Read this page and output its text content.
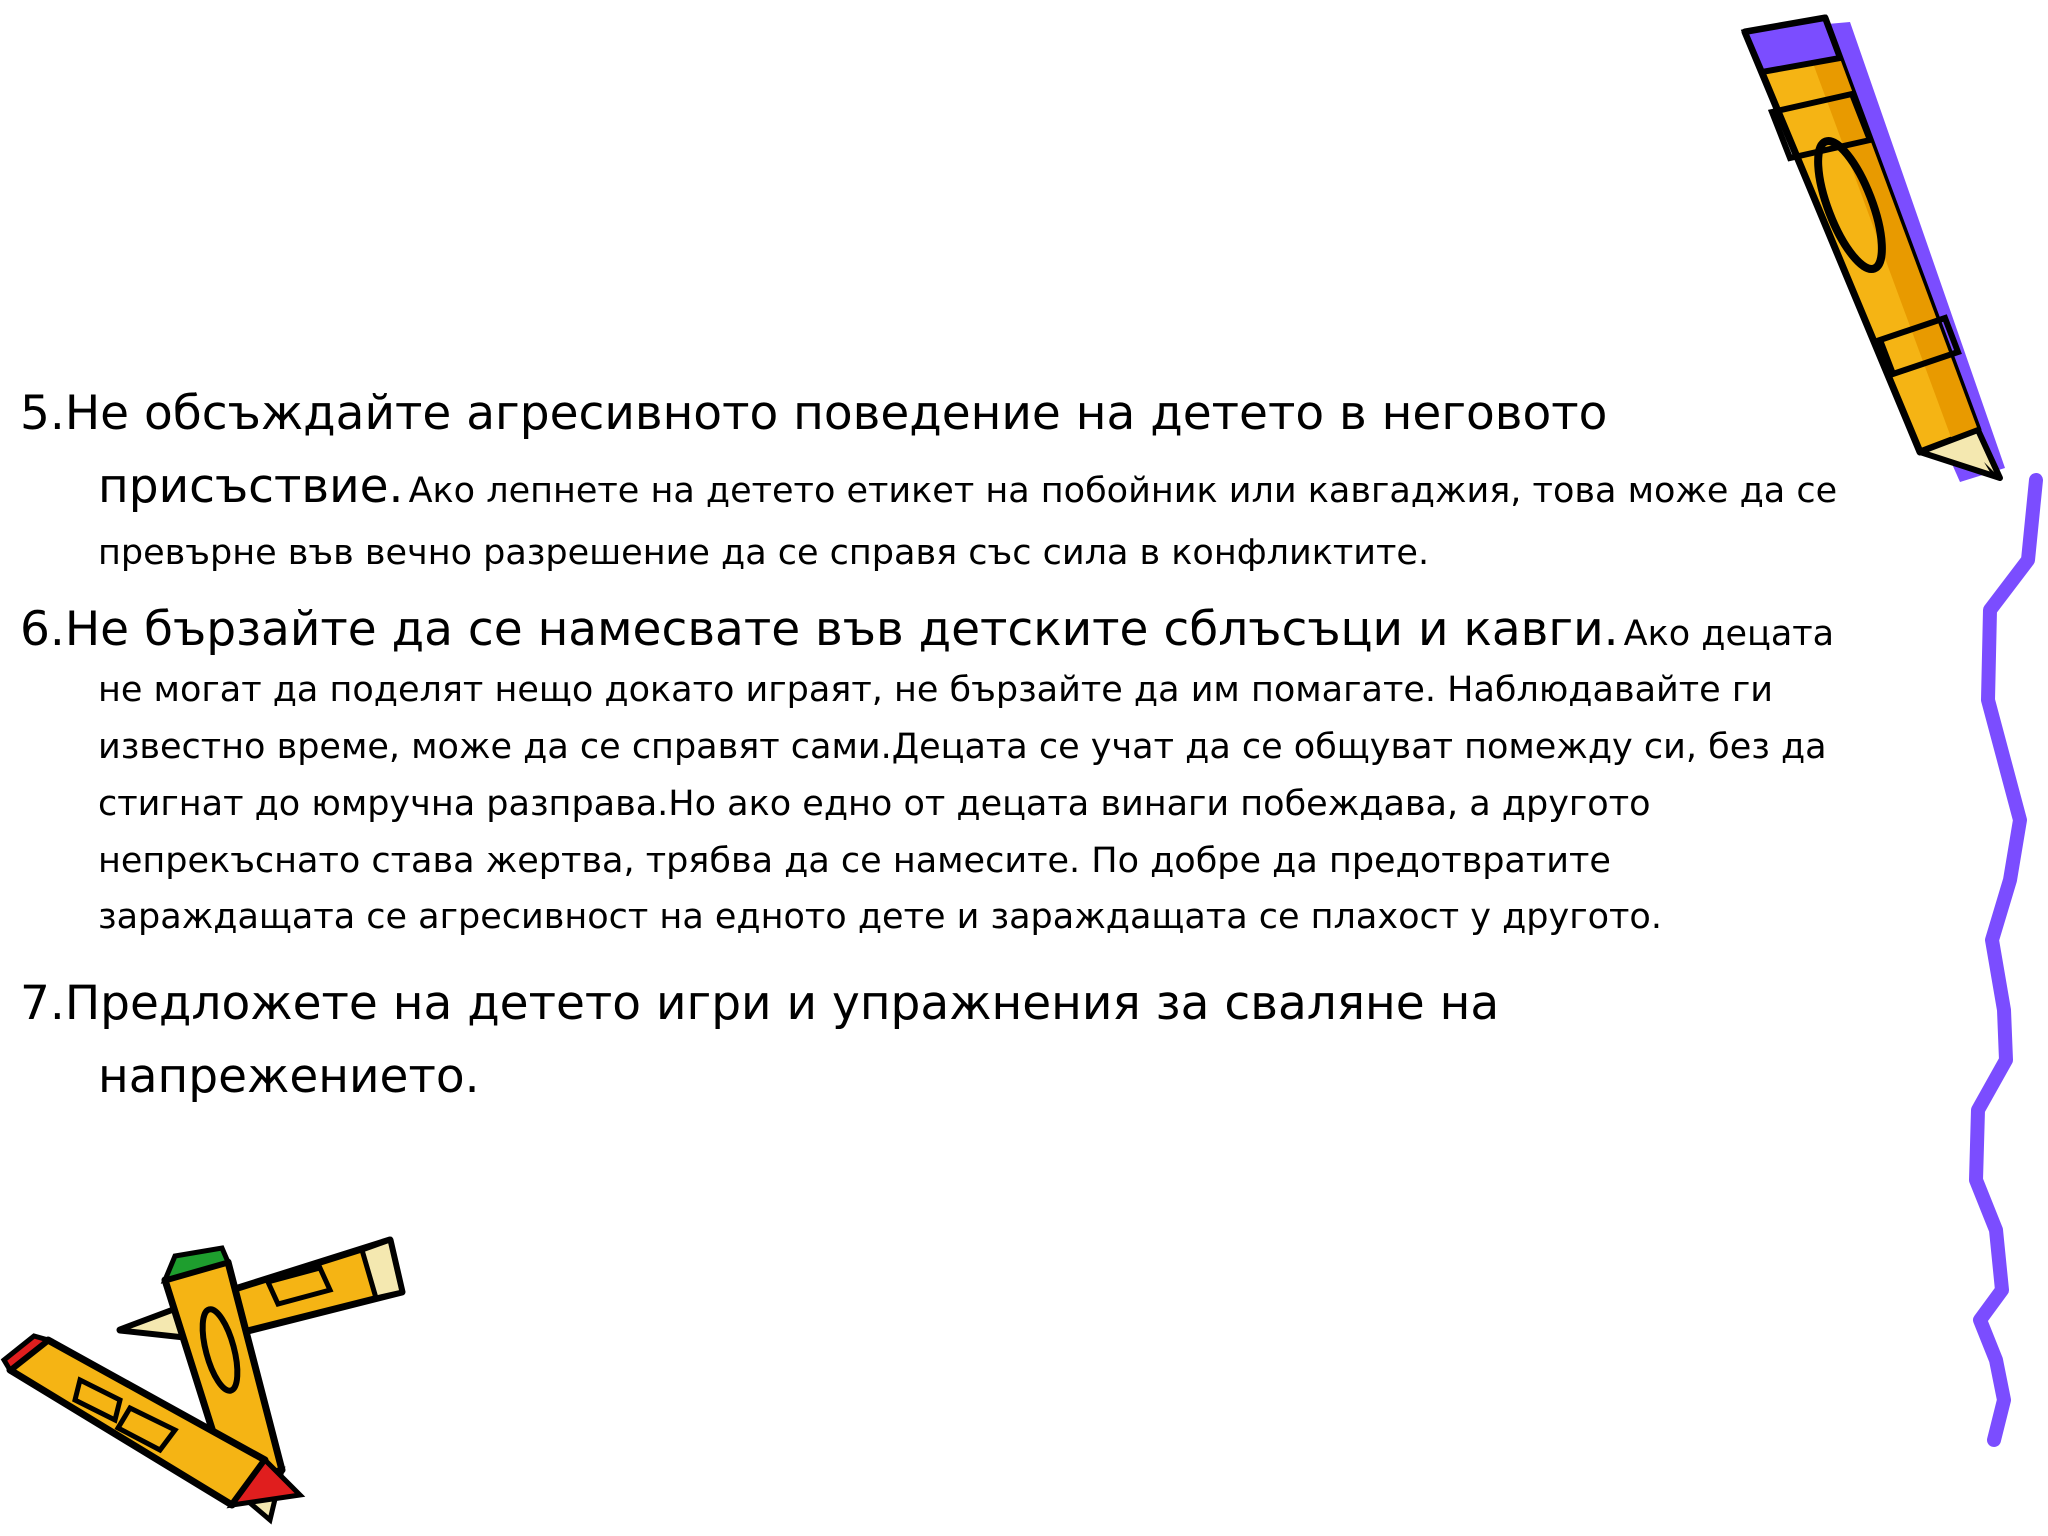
5.Не обсъждайте агресивното поведение на детето в неговото присъствие. Ако лепнете на детето етикет на побойник или кавгаджия, това може да се превърне във вечно разрешение да се справя със сила в конфликтите.

6.Не бързайте да се намесвате във детските сблъсъци и кавги. Ако децата не могат да поделят нещо докато играят, не бързайте да им помагате. Наблюдавайте ги известно време, може да се справят сами.Децата се учат да се общуват помежду си, без да стигнат до юмручна разправа.Но ако едно от децата винаги побеждава, а другото непрекъснато става жертва, трябва да се намесите. По добре да предотвратите зараждащата се агресивност на едното дете и зараждащата се плахост у другото.

7.Предложете на детето игри и упражнения за сваляне на напрежението.
